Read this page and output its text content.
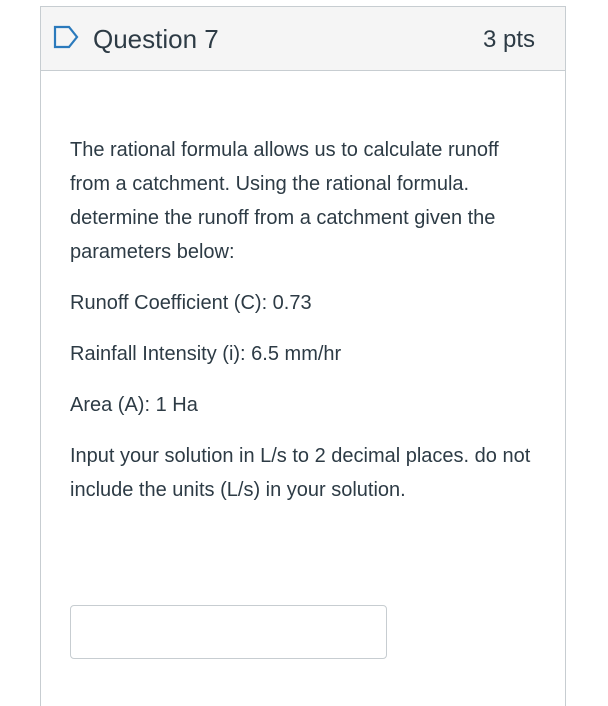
Question 7	3 pts

The rational formula allows us to calculate runoff from a catchment. Using the rational formula. determine the runoff from a catchment given the parameters below:

Runoff Coefficient (C): 0.73

Rainfall Intensity (i): 6.5 mm/hr

Area (A): 1 Ha

Input your solution in L/s to 2 decimal places. do not include the units (L/s) in your solution.
